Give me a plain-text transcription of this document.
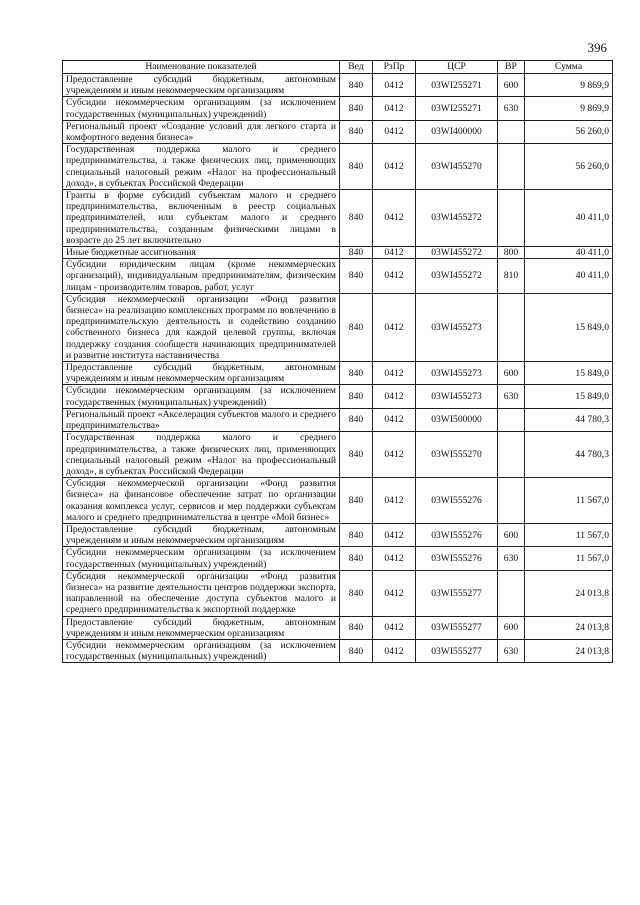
396
Наименование показателей	Вед	РзПр	ЦСР	ВР	Сумма
Предоставление субсидий бюджетным, автономным учреждениям и иным некоммерческим организациям	840	0412	03WI255271	600	9 869,9
Субсидии некоммерческим организациям (за исключением государственных (муниципальных) учреждений)	840	0412	03WI255271	630	9 869,9
Региональный проект «Создание условий для легкого старта и комфортного ведения бизнеса»	840	0412	03WI400000		56 260,0
Государственная поддержка малого и среднего предпринимательства, а также физических лиц, применяющих специальный налоговый режим «Налог на профессиональный доход», в субъектах Российской Федерации	840	0412	03WI455270		56 260,0
Гранты в форме субсидий субъектам малого и среднего предпринимательства, включенным в реестр социальных предпринимателей, или субъектам малого и среднего предпринимательства, созданным физическими лицами в возрасте до 25 лет включительно	840	0412	03WI455272		40 411,0
Иные бюджетные ассигнования	840	0412	03WI455272	800	40 411,0
Субсидии юридическим лицам (кроме некоммерческих организаций), индивидуальным предпринимателям, физическим лицам - производителям товаров, работ, услуг	840	0412	03WI455272	810	40 411,0
Субсидия некоммерческой организации «Фонд развития бизнеса» на реализацию комплексных программ по вовлечению в предпринимательскую деятельность и содействию созданию собственного бизнеса для каждой целевой группы, включая поддержку создания сообществ начинающих предпринимателей и развитие института наставничества	840	0412	03WI455273		15 849,0
Предоставление субсидий бюджетным, автономным учреждениям и иным некоммерческим организациям	840	0412	03WI455273	600	15 849,0
Субсидии некоммерческим организациям (за исключением государственных (муниципальных) учреждений)	840	0412	03WI455273	630	15 849,0
Региональный проект «Акселерация субъектов малого и среднего предпринимательства»	840	0412	03WI500000		44 780,3
Государственная поддержка малого и среднего предпринимательства, а также физических лиц, применяющих специальный налоговый режим «Налог на профессиональный доход», в субъектах Российской Федерации	840	0412	03WI555270		44 780,3
Субсидия некоммерческой организации «Фонд развития бизнеса» на финансовое обеспечение затрат по организации оказания комплекса услуг, сервисов и мер поддержки субъектам малого и среднего предпринимательства в центре «Мой бизнес»	840	0412	03WI555276		11 567,0
Предоставление субсидий бюджетным, автономным учреждениям и иным некоммерческим организациям	840	0412	03WI555276	600	11 567,0
Субсидии некоммерческим организациям (за исключением государственных (муниципальных) учреждений)	840	0412	03WI555276	630	11 567,0
Субсидия некоммерческой организации «Фонд развития бизнеса» на развитие деятельности центров поддержки экспорта, направленной на обеспечение доступа субъектов малого и среднего предпринимательства к экспортной поддержке	840	0412	03WI555277		24 013,8
Предоставление субсидий бюджетным, автономным учреждениям и иным некоммерческим организациям	840	0412	03WI555277	600	24 013,8
Субсидии некоммерческим организациям (за исключением государственных (муниципальных) учреждений)	840	0412	03WI555277	630	24 013,8
